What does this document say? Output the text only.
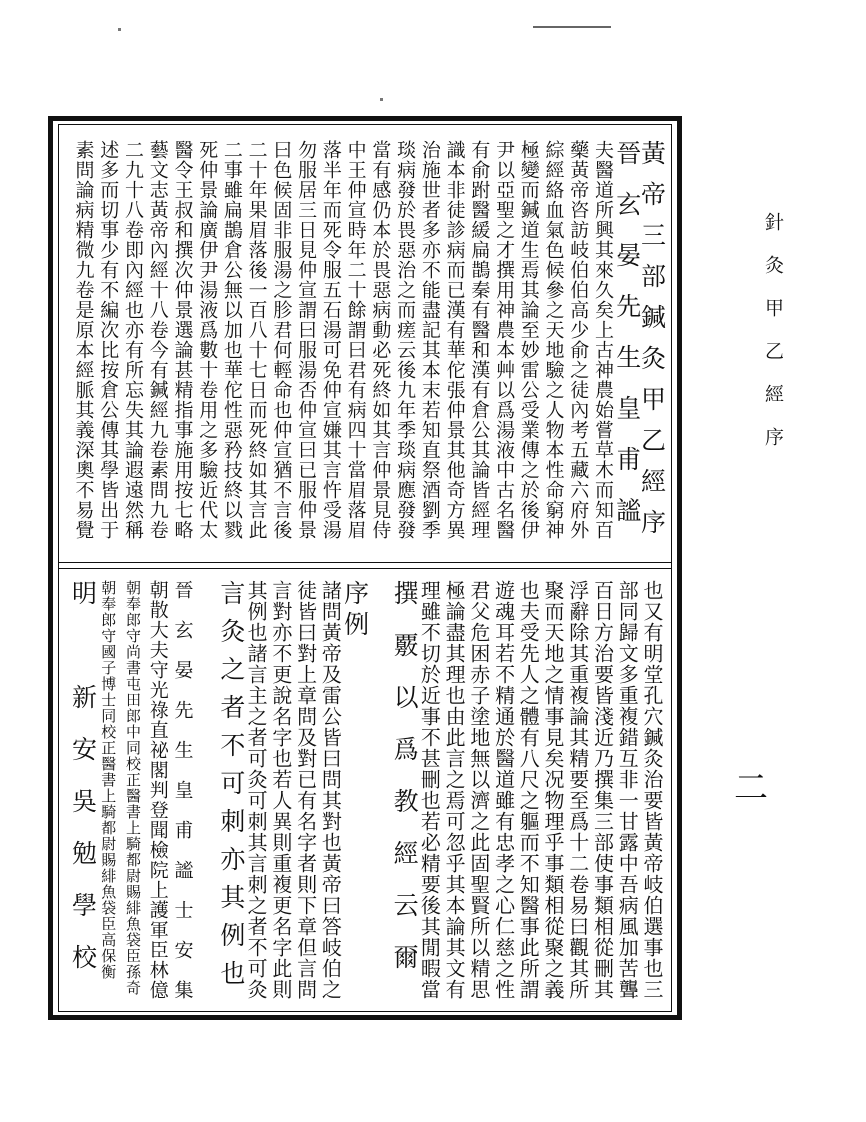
針灸甲乙經序
二
黃帝三部鍼灸甲乙經序
晉玄晏先生皇甫謐
夫醫道所興其來久矣上古神農始嘗草木而知百
藥黃帝咨訪岐伯伯高少俞之徒內考五藏六府外
綜經絡血氣色候參之天地驗之人物本性命窮神
極變而鍼道生焉其論至妙雷公受業傳之於後伊
尹以亞聖之才撰用神農本艸以爲湯液中古名醫
有俞跗醫緩扁鵲秦有醫和漢有倉公其論皆經理
識本非徒診病而已漢有華佗張仲景其他奇方異
治施世者多亦不能盡記其本末若知直祭酒劉季
琰病發於畏惡治之而瘥云後九年季琰病應發發
當有感仍本於畏惡病動必死終如其言仲景見侍
中王仲宣時年二十餘謂曰君有病四十當眉落眉
落半年而死令服五石湯可免仲宣嫌其言忤受湯
勿服居三日見仲宣謂曰服湯否仲宣曰已服仲景
曰色候固非服湯之胗君何輕命也仲宣猶不言後
二十年果眉落後一百八十七日而死終如其言此
二事雖扁鵲倉公無以加也華佗性惡矜技終以戮
死仲景論廣伊尹湯液爲數十卷用之多驗近代太
醫令王叔和撰次仲景選論甚精指事施用按七略
藝文志黃帝內經十八卷今有鍼經九卷素問九卷
二九十八卷即內經也亦有所忘失其論遐遠然稱
述多而切事少有不編次比按倉公傳其學皆出于
素問論病精微九卷是原本經脈其義深奧不易覺
也又有明堂孔穴鍼灸治要皆黃帝岐伯選事也三
部同歸文多重複錯互非一甘露中吾病風加苦聾
百日方治要皆淺近乃撰集三部使事類相從刪其
浮辭除其重複論其精要至爲十二卷易曰觀其所
聚而天地之情事見矣况物理乎事類相從聚之義
也夫受先人之體有八尺之軀而不知醫事此所謂
遊魂耳若不精通於醫道雖有忠孝之心仁慈之性
君父危困赤子塗地無以濟之此固聖賢所以精思
極論盡其理也由此言之焉可忽乎其本論其文有
理雖不切於近事不甚刪也若必精要後其閒暇當
撰覈以爲教經云爾
序例
諸問黃帝及雷公皆曰問其對也黃帝曰答岐伯之
徒皆曰對上章問及對已有名字者則下章但言問
言對亦不更說名字也若人異則重複更名字此則
其例也諸言主之者可灸可刺其言刺之者不可灸
言灸之者不可刺亦其例也
晉　玄　晏　先　生　皇　甫　謐　士　安　集
朝散大夫守光祿直祕閣判登聞檢院上護軍臣林億
朝奉郎守尚書屯田郎中同校正醫書上騎都尉賜緋魚袋臣孫奇
朝奉郎守國子博士同校正醫書上騎都尉賜緋魚袋臣高保衡
明　新安吳勉學校
